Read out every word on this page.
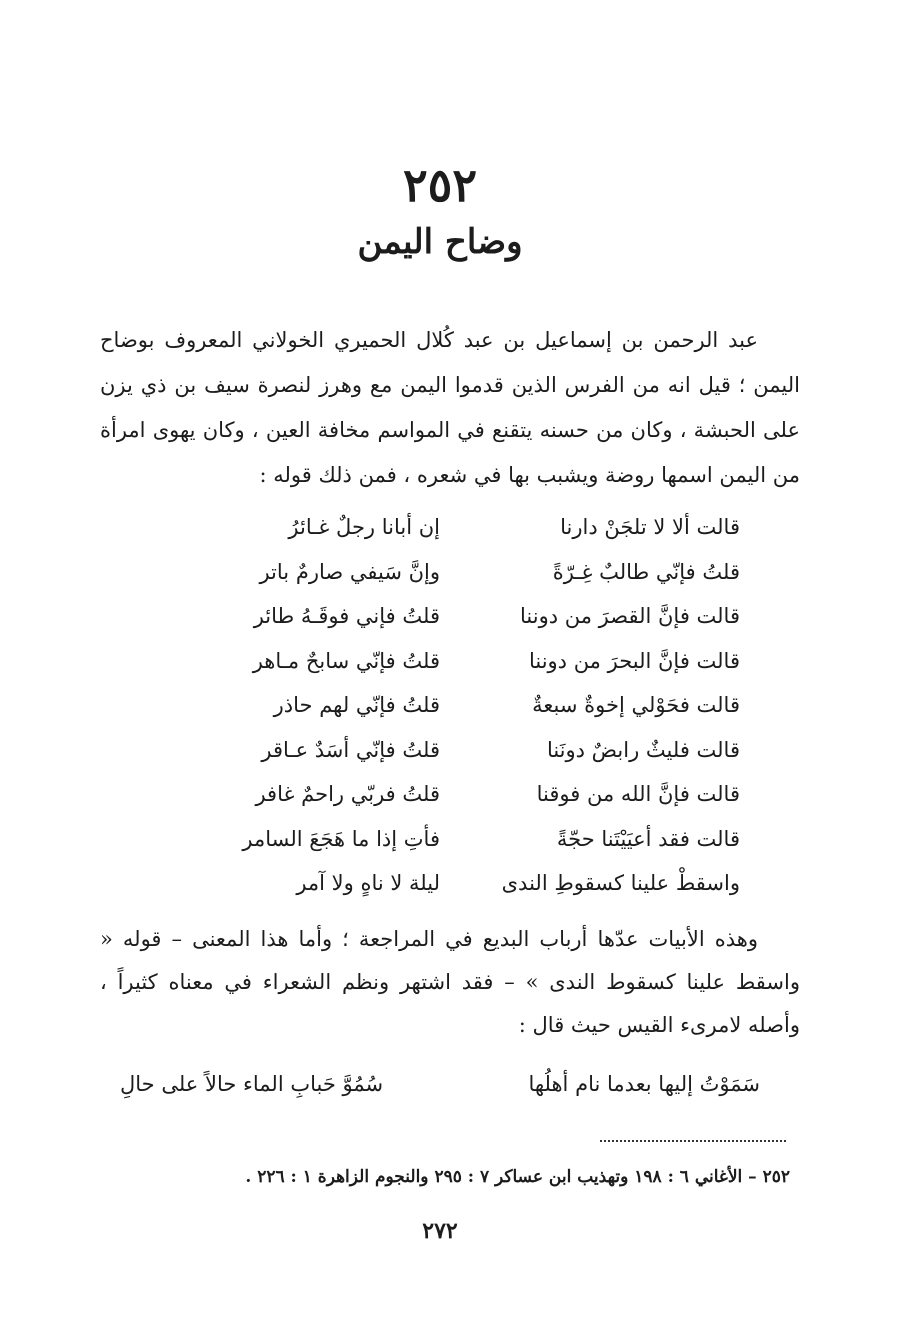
٢٥٢
وضاح اليمن

عبد الرحمن بن إسماعيل بن عبد كُلال الحميري الخولاني المعروف بوضاح اليمن ؛ قيل انه من الفرس الذين قدموا اليمن مع وهرز لنصرة سيف بن ذي يزن على الحبشة ، وكان من حسنه يتقنع في المواسم مخافة العين ، وكان يهوى امرأة من اليمن اسمها روضة ويشبب بها في شعره ، فمن ذلك قوله :

قالت ألا لا تلجَنْ دارنا
إن أبانا رجلٌ غـائرُ
قلتُ فإنّي طالبٌ غِـرّةً
وإنَّ سَيفي صارمٌ باتر
قالت فإنَّ القصرَ من دوننا
قلتُ فإني فوقَـهُ طائر
قالت فإنَّ البحرَ من دوننا
قلتُ فإنّي سابحٌ مـاهر
قالت فحَوْلي إخوةٌ سبعةٌ
قلتُ فإنّي لهم حاذر
قالت فليثٌ رابضٌ دونَنا
قلتُ فإنّي أسَدٌ عـاقر
قالت فإنَّ الله من فوقنا
قلتُ فربّي راحمٌ غافر
قالت فقد أعيَيْتَنا حجّةً
فأتِ إذا ما هَجَعَ السامر
واسقطْ علينا كسقوطِ الندى
ليلة لا ناهٍ ولا آمر

وهذه الأبيات عدّها أرباب البديع في المراجعة ؛ وأما هذا المعنى – قوله « واسقط علينا كسقوط الندى » – فقد اشتهر ونظم الشعراء في معناه كثيراً ، وأصله لامرىء القيس حيث قال :

سَمَوْتُ إليها بعدما نام أهلُها
سُمُوَّ حَبابِ الماء حالاً على حالِ
٢٥٢ – الأغاني ٦ : ١٩٨ وتهذيب ابن عساكر ٧ : ٢٩٥ والنجوم الزاهرة ١ : ٢٢٦ .
٢٧٢
